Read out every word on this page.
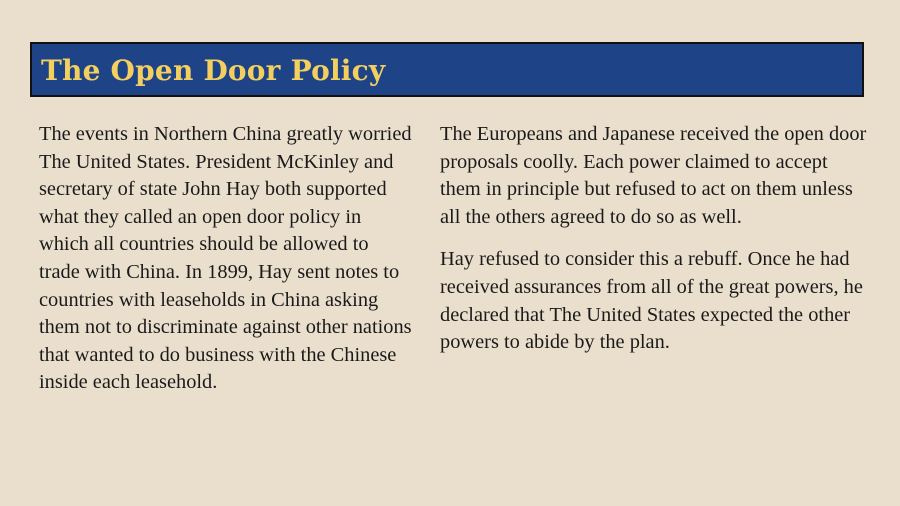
The Open Door Policy

The events in Northern China greatly worried The United States. President McKinley and secretary of state John Hay both supported what they called an open door policy in which all countries should be allowed to trade with China. In 1899, Hay sent notes to countries with leaseholds in China asking them not to discriminate against other nations that wanted to do business with the Chinese inside each leasehold.

The Europeans and Japanese received the open door proposals coolly. Each power claimed to accept them in principle but refused to act on them unless all the others agreed to do so as well.

Hay refused to consider this a rebuff. Once he had received assurances from all of the great powers, he declared that The United States expected the other powers to abide by the plan.
